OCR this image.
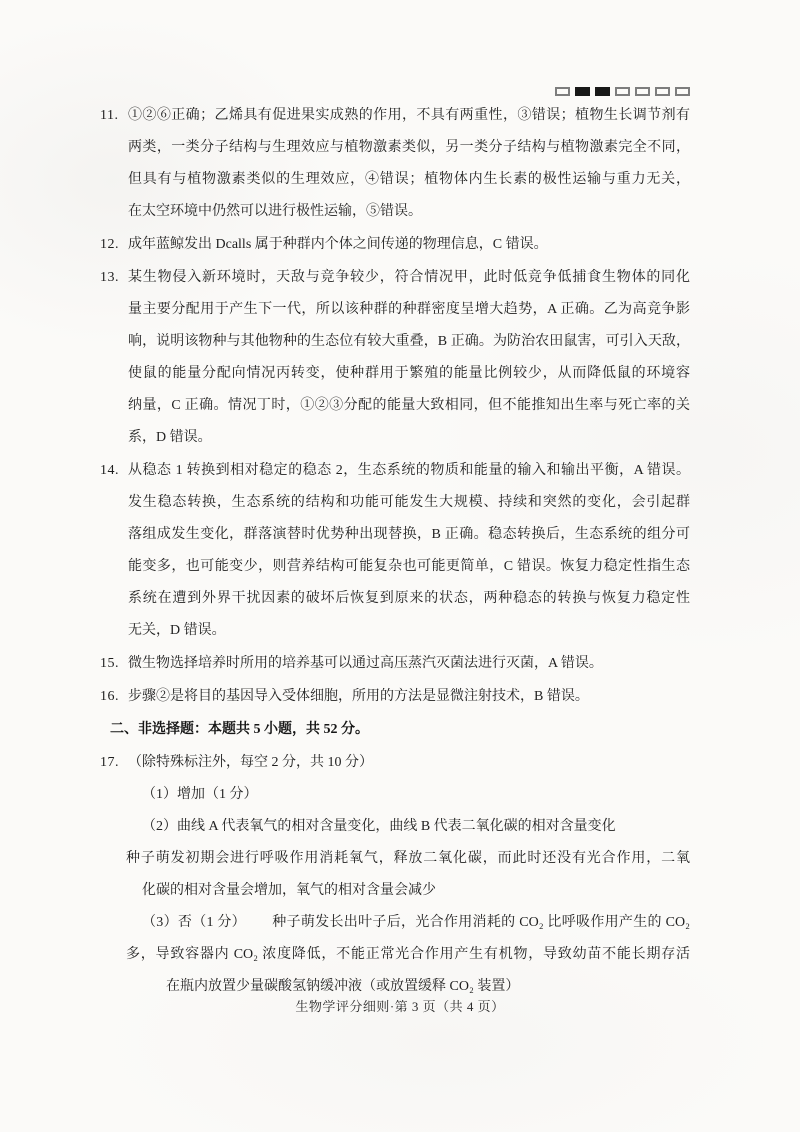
11. ①②⑥正确；乙烯具有促进果实成熟的作用，不具有两重性，③错误；植物生长调节剂有
两类，一类分子结构与生理效应与植物激素类似，另一类分子结构与植物激素完全不同，
但具有与植物激素类似的生理效应，④错误；植物体内生长素的极性运输与重力无关，
在太空环境中仍然可以进行极性运输，⑤错误。
12. 成年蓝鲸发出 Dcalls 属于种群内个体之间传递的物理信息，C 错误。
13. 某生物侵入新环境时，天敌与竞争较少，符合情况甲，此时低竞争低捕食生物体的同化
量主要分配用于产生下一代，所以该种群的种群密度呈增大趋势，A 正确。乙为高竞争影
响，说明该物种与其他物种的生态位有较大重叠，B 正确。为防治农田鼠害，可引入天敌，
使鼠的能量分配向情况丙转变，使种群用于繁殖的能量比例较少，从而降低鼠的环境容
纳量，C 正确。情况丁时，①②③分配的能量大致相同，但不能推知出生率与死亡率的关
系，D 错误。
14. 从稳态 1 转换到相对稳定的稳态 2，生态系统的物质和能量的输入和输出平衡，A 错误。
发生稳态转换，生态系统的结构和功能可能发生大规模、持续和突然的变化，会引起群
落组成发生变化，群落演替时优势种出现替换，B 正确。稳态转换后，生态系统的组分可
能变多，也可能变少，则营养结构可能复杂也可能更简单，C 错误。恢复力稳定性指生态
系统在遭到外界干扰因素的破坏后恢复到原来的状态，两种稳态的转换与恢复力稳定性
无关，D 错误。
15. 微生物选择培养时所用的培养基可以通过高压蒸汽灭菌法进行灭菌，A 错误。
16. 步骤②是将目的基因导入受体细胞，所用的方法是显微注射技术，B 错误。
二、非选择题：本题共 5 小题，共 52 分。
17. （除特殊标注外，每空 2 分，共 10 分）
（1）增加（1 分）
（2）曲线 A 代表氧气的相对含量变化，曲线 B 代表二氧化碳的相对含量变化
种子萌发初期会进行呼吸作用消耗氧气，释放二氧化碳，而此时还没有光合作用，二氧
化碳的相对含量会增加，氧气的相对含量会减少
（3）否（1 分） 种子萌发长出叶子后，光合作用消耗的 CO₂ 比呼吸作用产生的 CO₂
多，导致容器内 CO₂ 浓度降低，不能正常光合作用产生有机物，导致幼苗不能长期存活
在瓶内放置少量碳酸氢钠缓冲液（或放置缓释 CO₂ 装置）
生物学评分细则·第 3 页（共 4 页）
